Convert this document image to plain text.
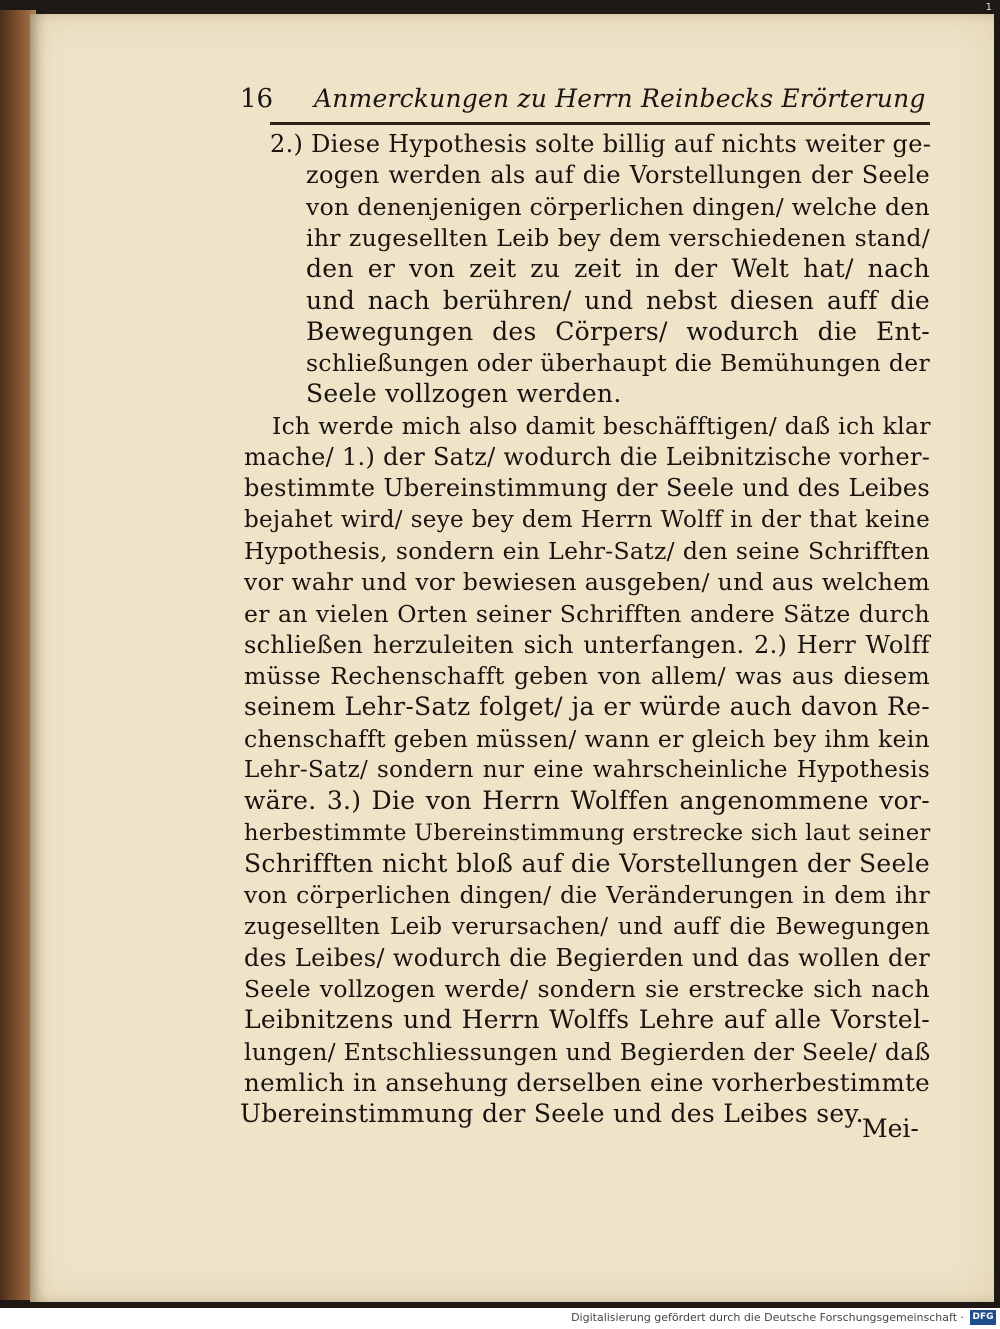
1
16 Anmerckungen zu Herrn Reinbecks Erörterung
2.) Diese Hypothesis solte billig auf nichts weiter ge-
zogen werden als auf die Vorstellungen der Seele
von denenjenigen cörperlichen dingen/ welche den
ihr zugesellten Leib bey dem verschiedenen stand/
den er von zeit zu zeit in der Welt hat/ nach
und nach berühren/ und nebst diesen auff die
Bewegungen des Cörpers/ wodurch die Ent-
schließungen oder überhaupt die Bemühungen der
Seele vollzogen werden.
Ich werde mich also damit beschäfftigen/ daß ich klar
mache/ 1.) der Satz/ wodurch die Leibnitzische vorher-
bestimmte Ubereinstimmung der Seele und des Leibes
bejahet wird/ seye bey dem Herrn Wolff in der that keine
Hypothesis, sondern ein Lehr-Satz/ den seine Schrifften
vor wahr und vor bewiesen ausgeben/ und aus welchem
er an vielen Orten seiner Schrifften andere Sätze durch
schließen herzuleiten sich unterfangen. 2.) Herr Wolff
müsse Rechenschafft geben von allem/ was aus diesem
seinem Lehr-Satz folget/ ja er würde auch davon Re-
chenschafft geben müssen/ wann er gleich bey ihm kein
Lehr-Satz/ sondern nur eine wahrscheinliche Hypothesis
wäre. 3.) Die von Herrn Wolffen angenommene vor-
herbestimmte Ubereinstimmung erstrecke sich laut seiner
Schrifften nicht bloß auf die Vorstellungen der Seele
von cörperlichen dingen/ die Veränderungen in dem ihr
zugesellten Leib verursachen/ und auff die Bewegungen
des Leibes/ wodurch die Begierden und das wollen der
Seele vollzogen werde/ sondern sie erstrecke sich nach
Leibnitzens und Herrn Wolffs Lehre auf alle Vorstel-
lungen/ Entschliessungen und Begierden der Seele/ daß
nemlich in ansehung derselben eine vorherbestimmte
Ubereinstimmung der Seele und des Leibes sey.
Mei-
Digitalisierung gefördert durch die Deutsche Forschungsgemeinschaft · DFG
